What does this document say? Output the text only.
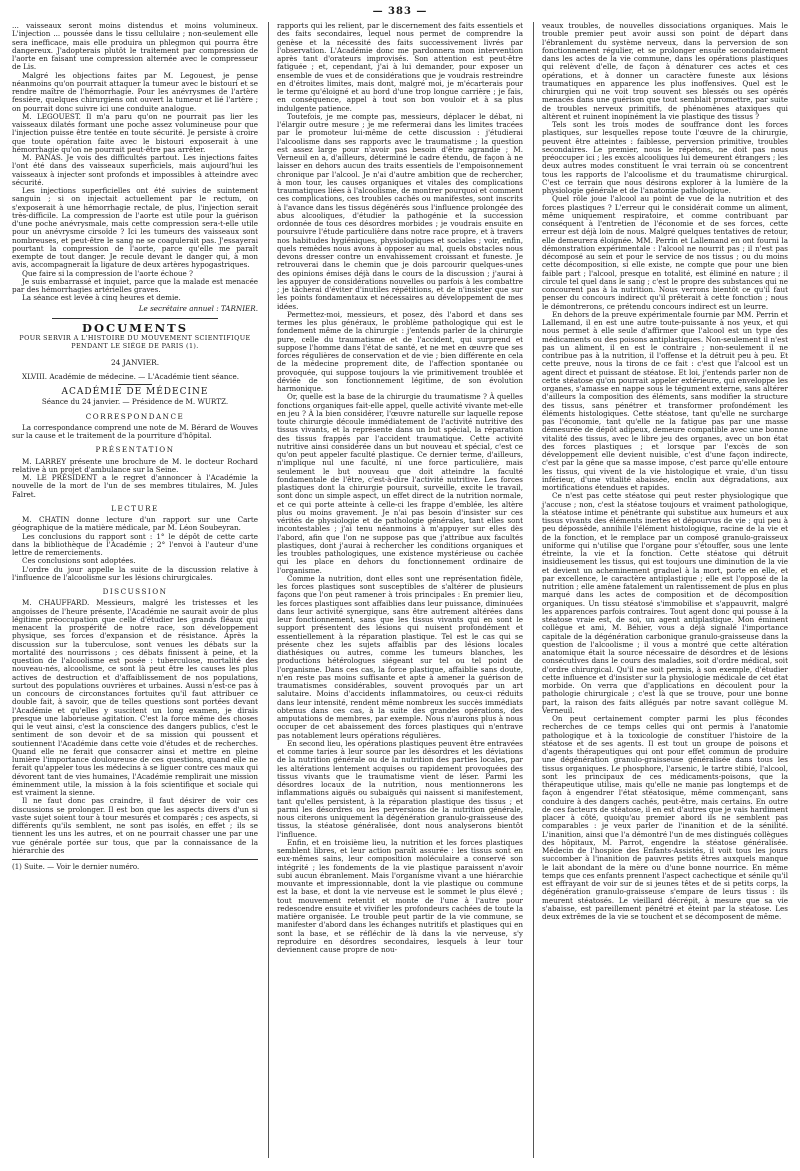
— 383 —

... vaisseaux seront moins distendus et moins volumineux. L'injection ... poussée dans le tissu cellulaire ; non-seulement elle sera inefficace, mais elle produira un phlegmon qui pourra être dangereux. J'adopterais plutôt le traitement par compression de l'aorte en faisant une compression alternée avec le compresseur de Lis.

Malgré les objections faites par M. Legouest, je pense néanmoins qu'on pourrait attaquer la tumeur avec le bistouri et se rendre maître de l'hémorrhagie. Pour les anévrysmes de l'artère fessière, quelques chirurgiens ont ouvert la tumeur et lié l'artère ; on pourrait donc suivre ici une conduite analogue.

M. LEGOUEST. Il m'a paru qu'on ne pourrait pas lier les vaisseaux dilatés formant une poche assez volumineuse pour que l'injection puisse être tentée en toute sécurité. Je persiste à croire que toute opération faite avec le bistouri exposerait à une hémorrhagie qu'on ne pourrait peut-être pas arrêter.

M. PANAS. Je vois des difficultés partout. Les injections faites l'ont été dans des vaisseaux superficiels, mais aujourd'hui les vaisseaux à injecter sont profonds et impossibles à atteindre avec sécurité.

Les injections superficielles ont été suivies de suintement sanguin ; si on injectait actuellement par le rectum, on s'exposerait à une hémorrhagie rectale, de plus, l'injection serait très-difficile. La compression de l'aorte est utile pour la guérison d'une poche anévrysmale, mais cette compression sera-t-elle utile pour un anévrysme cirsoïde ? Ici les tumeurs des vaisseaux sont nombreuses, et peut-être le sang ne se coagulerait pas. J'essayerai pourtant la compression de l'aorte, parce qu'elle me paraît exempte de tout danger. Je recule devant le danger qui, à mon avis, accompagnerait la ligature de deux artères hypogastriques.

Que faire si la compression de l'aorte échoue ?

Je suis embarrassé et inquiet, parce que la malade est menacée par des hémorrhagies artérielles graves.

La séance est levée à cinq heures et demie.

Le secrétaire annuel : TARNIER.
DOCUMENTS
POUR SERVIR A L'HISTOIRE DU MOUVEMENT SCIENTIFIQUE PENDANT LE SIÉGE DE PARIS (1).
24 JANVIER.

XLVIII. Académie de médecine. — L'Académie tient séance.

ACADÉMIE DE MÉDECINE

Séance du 24 janvier. — Présidence de M. WURTZ.

CORRESPONDANCE

La correspondance comprend une note de M. Bérard de Wouves sur la cause et le traitement de la pourriture d'hôpital.

PRÉSENTATION

M. LARREY présente une brochure de M. le docteur Rochard relative à un projet d'ambulance sur la Seine.

M. LE PRÉSIDENT a le regret d'annoncer à l'Académie la nouvelle de la mort de l'un de ses membres titulaires, M. Jules Falret.

LECTURE

M. CHATIN donne lecture d'un rapport sur une Carte géographique de la matière médicale, par M. Léon Soubeyran.

Les conclusions du rapport sont : 1° le dépôt de cette carte dans la bibliothèque de l'Académie ; 2° l'envoi à l'auteur d'une lettre de remerciements.

Ces conclusions sont adoptées.

L'ordre du jour appelle la suite de la discussion relative à l'influence de l'alcoolisme sur les lésions chirurgicales.

DISCUSSION

M. CHAUFFARD. Messieurs, malgré les tristesses et les angoisses de l'heure présente, l'Académie ne saurait avoir de plus légitime préoccupation que celle d'étudier les grands fléaux qui menacent la prospérité de notre race, son développement physique, ses forces d'expansion et de résistance. Après la discussion sur la tuberculose, sont venues les débats sur la mortalité des nourrissons ; ces débats finissent à peine, et la question de l'alcoolisme est posée : tuberculose, mortalité des nouveau-nés, alcoolisme, ce sont là peut être les causes les plus actives de destruction et d'affaiblissement de nos populations, surtout des populations ouvrières et urbaines. Aussi n'est-ce pas à un concours de circonstances fortuites qu'il faut attribuer ce double fait, à savoir, que de telles questions sont portées devant l'Académie et qu'elles y suscitent un long examen, je dirais presque une laborieuse agitation. C'est la force même des choses qui le veut ainsi, c'est la conscience des dangers publics, c'est le sentiment de son devoir et de sa mission qui poussent et soutiennent l'Académie dans cette voie d'études et de recherches. Quand elle ne ferait que consacrer ainsi et mettre en pleine lumière l'importance douloureuse de ces questions, quand elle ne ferait qu'appeler tous les médecins à se liguer contre ces maux qui dévorent tant de vies humaines, l'Académie remplirait une mission éminemment utile, la mission à la fois scientifique et sociale qui est vraiment la sienne.

Il ne faut donc pas craindre, il faut désirer de voir ces discussions se prolonger. Il est bon que les aspects divers d'un si vaste sujet soient tour à tour mesurés et comparés ; ces aspects, si différents qu'ils semblent, ne sont pas isolés, en effet ; ils se tiennent les uns les autres, et on ne pourrait chasser une par une vue générale portée sur tous, que par la connaissance de la hiérarchie des

(1) Suite. — Voir le dernier numéro.

rapports qui les relient, par le discernement des faits essentiels et des faits secondaires, lequel nous permet de comprendre la genèse et la nécessité des faits successivement livrés par l'observation. L'Académie donc me pardonnera mon intervention après tant d'orateurs improvisés. Son attention est peut-être fatiguée ; et, cependant, j'ai à lui demander, pour exposer un ensemble de vues et de considérations que je voudrais restreindre en d'étroites limites, mais dont, malgré moi, je m'écarterais pour le terme qu'éloigné et au bord d'une trop longue carrière ; je fais, en conséquence, appel à tout son bon vouloir et à sa plus indulgente patience.

Toutefois, je me compte pas, messieurs, déplacer le débat, ni l'élargir outre mesure ; je me refermerai dans les limites tracées par le promoteur lui-même de cette discussion : j'étudierai l'alcoolisme dans ses rapports avec le traumatisme ; la question est assez large pour n'avoir pas besoin d'être agrandie ; M. Verneuil en a, d'ailleurs, déterminé le cadre étendu, de façon à ne laisser en dehors aucun des traits essentiels de l'empoisonnement chronique par l'alcool. Je n'ai d'autre ambition que de rechercher, à mon tour, les causes organiques et vitales des complications traumatiques liées à l'alcoolisme, de montrer pourquoi et comment ces complications, ces troubles cachés ou manifestes, sont inscrits à l'avance dans les tissus dégénérés sous l'influence prolongée des abus alcooliques, d'étudier la pathogénie et la succession ordonnée de tous ces désordres morbides ; je voudrais ensuite en poursuivre l'étude particulière dans notre race propre, et à travers nos habitudes hygiéniques, physiologiques et sociales ; voir, enfin, quels remèdes nous avons à opposer au mal, quels obstacles nous devons dresser contre un envahissement croissant et funeste. Je retrouverai dans le chemin que je dois parcourir quelques-unes des opinions émises déjà dans le cours de la discussion ; j'aurai à les appuyer de considérations nouvelles ou parfois à les combattre ; je tâcherai d'éviter d'inutiles répétitions, et de n'insister que sur les points fondamentaux et nécessaires au développement de mes idées.

Permettez-moi, messieurs, et posez, dès l'abord et dans ses termes les plus généraux, le problème pathologique qui est le fondement même de la chirurgie : j'entends parler de la chirurgie pure, celle du traumatisme et de l'accident, qui surprend et suppose l'homme dans l'état de santé, et ne met en œuvre que ses forces régulières de conservation et de vie ; bien différente en cela de la médecine proprement dite, de l'affection spontanée ou provoquée, qui suppose toujours la vie primitivement troublée et déviée de son fonctionnement légitime, de son évolution harmonique.

Or, quelle est la base de la chirurgie du traumatisme ? À quelles fonctions organiques fait-elle appel, quelle activité vivante met-elle en jeu ? À la bien considérer, l'œuvre naturelle sur laquelle repose toute chirurgie découle immédiatement de l'activité nutritive des tissus vivants, et la représente dans un but spécial, la réparation des tissus frappés par l'accident traumatique. Cette activité nutritive ainsi considérée dans un but nouveau et spécial, c'est ce qu'on peut appeler faculté plastique. Ce dernier terme, d'ailleurs, n'implique nul une faculté, ni une force particulière, mais seulement le but nouveau que doit atteindre la faculté fondamentale de l'être, c'est-à-dire l'activité nutritive. Les forces plastiques dont la chirurgie poursuit, surveille, excite le travail, sont donc un simple aspect, un effet direct de la nutrition normale, et ce qui porte atteinte à celle-ci les frappe d'emblée, les altère plus ou moins gravement. Je n'ai pas besoin d'insister sur ces vérités de physiologie et de pathologie générales, tant elles sont incontestables ; j'ai tenu néanmoins à m'appuyer sur elles dès l'abord, afin que l'on ne suppose pas que j'attribue aux facultés plastiques, dont j'aurai à rechercher les conditions organiques et les troubles pathologiques, une existence mystérieuse ou cachée qui les place en dehors du fonctionnement ordinaire de l'organisme.

Comme la nutrition, dont elles sont une représentation fidèle, les forces plastiques sont susceptibles de s'altérer de plusieurs façons que l'on peut ramener à trois principales : En premier lieu, les forces plastiques sont affaiblies dans leur puissance, diminuées dans leur activité synergique, sans être autrement altérées dans leur fonctionnement, sans que les tissus vivants qui en sont le support présentent des lésions qui nuisent profondément et essentiellement à la réparation plastique. Tel est le cas qui se présente chez les sujets affaiblis par des lésions locales diathésiques ou autres, comme les tumeurs blanches, les productions hétérologues siégeant sur tel ou tel point de l'organisme. Dans ces cas, la force plastique, affaiblie sans doute, n'en reste pas moins suffisante et apte à amener la guérison de traumatismes considérables, souvent provoqués par un art salutaire. Moins d'accidents inflammatoires, ou ceux-ci réduits dans leur intensité, rendent même nombreux les succès immédiats obtenus dans ces cas, à la suite des grandes opérations, des amputations de membres, par exemple. Nous n'aurons plus à nous occuper de cet abaissement des forces plastiques qui n'entrave pas notablement leurs opérations régulières.

En second lieu, les opérations plastiques peuvent être entravées et comme taries à leur source par les désordres et les déviations de la nutrition générale ou de la nutrition des parties locales, par les altérations lentement acquises ou rapidement provoquées des tissus vivants que le traumatisme vient de léser. Parmi les désordres locaux de la nutrition, nous mentionnerons les inflammations aiguës ou subaiguës qui naissent si manifestement, tant qu'elles persistent, à la réparation plastique des tissus ; et parmi les désordres ou les perversions de la nutrition générale, nous citerons uniquement la dégénération granulo-graisseuse des tissus, la stéatose généralisée, dont nous analyserons bientôt l'influence.

Enfin, et en troisième lieu, la nutrition et les forces plastiques semblent libres, et leur action paraît assurée : les tissus sont en eux-mêmes sains, leur composition moléculaire a conservé son intégrité ; les fondements de la vie plastique paraissent n'avoir subi aucun ébranlement. Mais l'organisme vivant a une hiérarchie mouvante et impressionnable, dont la vie plastique ou commune est la base, et dont la vie nerveuse est le sommet le plus élevé ; tout mouvement retentit et monte de l'une à l'autre pour redescendre ensuite et vivifier les profondeurs cachées de toute la matière organisée. Le trouble peut partir de la vie commune, se manifester d'abord dans les échanges nutritifs et plastiques qui en sont la base, et se réfléchir de là dans la vie nerveuse, s'y reproduire en désordres secondaires, lesquels à leur tour deviennent cause propre de nou-

veaux troubles, de nouvelles dissociations organiques. Mais le trouble premier peut avoir aussi son point de départ dans l'ébranlement du système nerveux, dans la perversion de son fonctionnement régulier, et se prolonger ensuite secondairement dans les actes de la vie commune, dans les opérations plastiques qui relèvent d'elle, de façon à dénaturer ces actes et ces opérations, et à donner un caractère funeste aux lésions traumatiques en apparence les plus inoffensives. Quel est le chirurgien qui ne voit trop souvent ses blessés ou ses opérés menacés dans une guérison que tout semblait promettre, par suite de troubles nerveux primitifs, de phénomènes ataxiques qui altèrent et ruinent inopinément la vie plastique des tissus ?

Tels sont les trois modes de souffrance dont les forces plastiques, sur lesquelles repose toute l'œuvre de la chirurgie, peuvent être atteintes : faiblesse, perversion primitive, troubles secondaires. Le premier, nous le répétons, ne doit pas nous préoccuper ici ; les excès alcooliques lui demeurent étrangers ; les deux autres modes constituent le vrai terrain où se concentrent tous les rapports de l'alcoolisme et du traumatisme chirurgical. C'est ce terrain que nous désirons explorer à la lumière de la physiologie générale et de l'anatomie pathologique.

Quel rôle joue l'alcool au point de vue de la nutrition et des forces plastiques ? L'erreur qui le considérait comme un aliment, même uniquement respiratoire, et comme contribuant par conséquent à l'entretien de l'économie et de ses forces, cette erreur est déjà loin de nous. Malgré quelques tentatives de retour, elle demeurera éloignée. MM. Perrin et Lallemand en ont fourni la démonstration expérimentale : l'alcool ne nourrit pas ; il n'est pas décomposé au sein et pour le service de nos tissus ; ou du moins cette décomposition, si elle existe, ne compte que pour une bien faible part ; l'alcool, presque en totalité, est éliminé en nature ; il circule tel quel dans le sang ; c'est le propre des substances qui ne concourent pas à la nutrition. Nous verrons bientôt ce qu'il faut penser du concours indirect qu'il prêterait à cette fonction ; nous le démontrerons, ce prétendu concours indirect est un leurre.

En dehors de la preuve expérimentale fournie par MM. Perrin et Lallemand, il en est une autre toute-puissante à nos yeux, et qui nous permet à elle seule d'affirmer que l'alcool est un type des médicaments ou des poisons antiplastiques. Non-seulement il n'est pas un aliment, il en est le contraire ; non-seulement il ne contribue pas à la nutrition, il l'offense et la détruit peu à peu. Et cette preuve, nous la tirons de ce fait : c'est que l'alcool est un agent direct et puissant de stéatose. Et loi, j'entends parler non de cette stéatose qu'on pourrait appeler extérieure, qui enveloppe les organes, s'amasse en nappe sous le tégument externe, sans altérer d'ailleurs la composition des éléments, sans modifier la structure des tissus, sans pénétrer et transformer profondément les éléments histologiques. Cette stéatose, tant qu'elle ne surcharge pas l'économie, tant qu'elle ne la fatigue pas par une masse démesurée de dépôt adipeux, demeure compatible avec une bonne vitalité des tissus, avec le libre jeu des organes, avec un bon état des forces plastiques ; et lorsque par l'excès de son développement elle devient nuisible, c'est d'une façon indirecte, c'est par la gêne que sa masse impose, c'est parce qu'elle entoure les tissus, qui vivent de la vie histologique et vraie, d'un tissu inférieur, d'une vitalité abaissée, enclin aux dégradations, aux mortifications étendues et rapides.

Ce n'est pas cette stéatose qui peut rester physiologique que j'accuse ; non, c'est la stéatose toujours et vraiment pathologique, la stéatose intime et pénétrante qui substitue aux humeurs et aux tissus vivants des éléments inertes et dépourvus de vie ; qui peu à peu dépossède, annihile l'élément histologique, racine de la vie et de la fonction, et le remplace par un composé granulo-graisseux uniforme qui n'utilise que l'organe pour s'étouffer, sous une lente étreinte, la vie et la fonction. Cette stéatose qui détruit insidieusement les tissus, qui est toujours une diminution de la vie et devient un acheminement graduel à la mort, porte en elle, et par excellence, le caractère antiplastique ; elle est l'opposé de la nutrition ; elle amène fatalement un ralentissement de plus en plus marqué dans les actes de composition et de décomposition organiques. Un tissu stéatosé s'immobilise et s'appauvrit, malgré les apparences parfois contraires. Tout agent donc qui pousse à la stéatose vraie est, de soi, un agent antiplastique. Mon éminent collègue et ami, M. Béhier, vous a déjà signalé l'importance capitale de la dégénération carbonique granulo-graisseuse dans la question de l'alcoolisme ; il vous a montré que cette altération anatomique était la source nécessaire de désordres et de lésions consécutives dans le cours des maladies, soit d'ordre médical, soit d'ordre chirurgical. Qu'il me soit permis, à son exemple, d'étudier cette influence et d'insister sur la physiologie médicale de cet état morbide. On verra que d'applications en découlent pour la pathologie chirurgicale ; c'est là que se trouve, pour une bonne part, la raison des faits allégués par notre savant collègue M. Verneuil.

On peut certainement compter parmi les plus fécondes recherches de ce temps celles qui ont permis à l'anatomie pathologique et à la toxicologie de constituer l'histoire de la stéatose et de ses agents. Il est tout un groupe de poisons et d'agents thérapeutiques qui ont pour effet commun de produire une dégénération granulo-graisseuse généralisée dans tous les tissus organiques. Le phosphore, l'arsenic, le tartre stibié, l'alcool, sont les principaux de ces médicaments-poisons, que la thérapeutique utilise, mais qu'elle ne manie pas longtemps et de façon à engendrer l'état stéatosique, même commençant, sans conduire à des dangers cachés, peut-être, mais certains. En outre de ces facteurs de stéatose, il en est d'autres que je vais hardiment placer à côté, quoiqu'au premier abord ils ne semblent pas comparables : je veux parler de l'inanition et de la sénilité. L'inanition, ainsi que l'a démontré l'un de mes distingués collègues des hôpitaux, M. Parrot, engendre la stéatose généralisée. Médecin de l'hospice des Enfants-Assistés, il voit tous les jours succomber à l'inanition de pauvres petits êtres auxquels manque le lait abondant de la mère ou d'une bonne nourrice. En même temps que ces enfants prennent l'aspect cachectique et sénile qu'il est effrayant de voir sur de si jeunes têtes et de si petits corps, la dégénération granulo-graisseuse s'empare de leurs tissus : ils meurent stéatosés. Le vieillard décrépit, à mesure que sa vie s'abaisse, est pareillement pénétré et éteint par la stéatose. Les deux extrêmes de la vie se touchent et se décomposent de même.
